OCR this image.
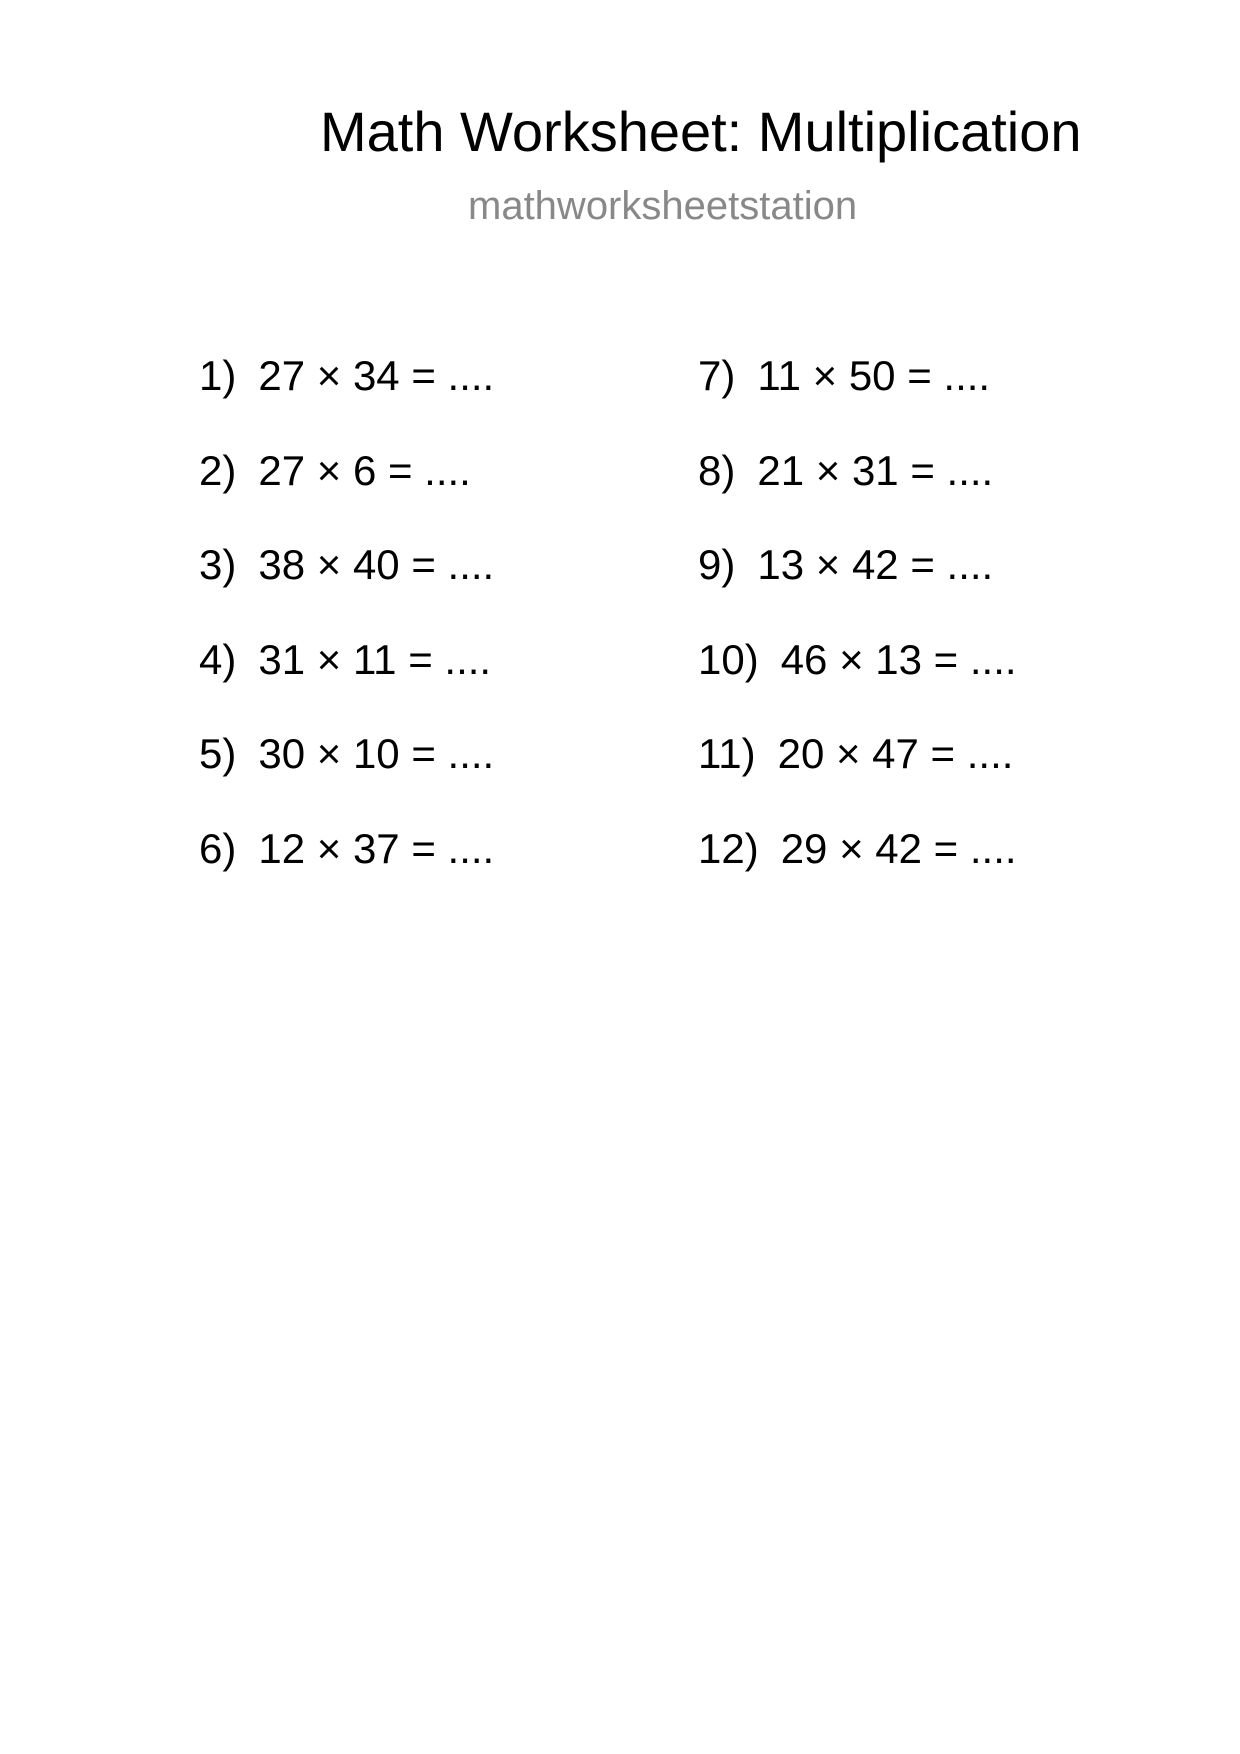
Math Worksheet: Multiplication
mathworksheetstation
1) 27 × 34 = ....
2) 27 × 6 = ....
3) 38 × 40 = ....
4) 31 × 11 = ....
5) 30 × 10 = ....
6) 12 × 37 = ....
7) 11 × 50 = ....
8) 21 × 31 = ....
9) 13 × 42 = ....
10) 46 × 13 = ....
11) 20 × 47 = ....
12) 29 × 42 = ....
